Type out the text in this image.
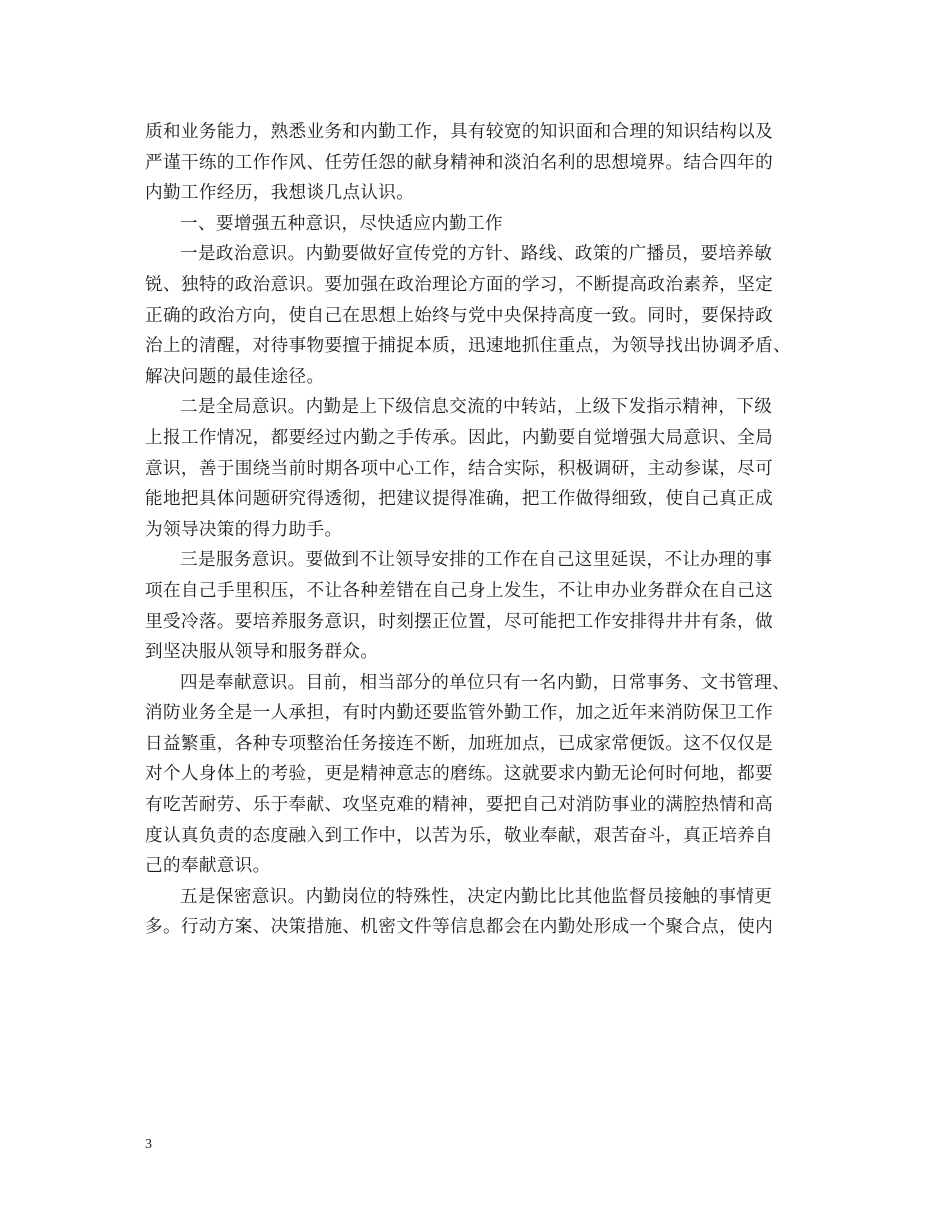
质和业务能力，熟悉业务和内勤工作，具有较宽的知识面和合理的知识结构以及
严谨干练的工作作风、任劳任怨的献身精神和淡泊名利的思想境界。结合四年的
内勤工作经历，我想谈几点认识。
一、要增强五种意识，尽快适应内勤工作
一是政治意识。内勤要做好宣传党的方针、路线、政策的广播员，要培养敏
锐、独特的政治意识。要加强在政治理论方面的学习，不断提高政治素养，坚定
正确的政治方向，使自己在思想上始终与党中央保持高度一致。同时，要保持政
治上的清醒，对待事物要擅于捕捉本质，迅速地抓住重点，为领导找出协调矛盾、
解决问题的最佳途径。
二是全局意识。内勤是上下级信息交流的中转站，上级下发指示精神，下级
上报工作情况，都要经过内勤之手传承。因此，内勤要自觉增强大局意识、全局
意识，善于围绕当前时期各项中心工作，结合实际，积极调研，主动参谋，尽可
能地把具体问题研究得透彻，把建议提得准确，把工作做得细致，使自己真正成
为领导决策的得力助手。
三是服务意识。要做到不让领导安排的工作在自己这里延误，不让办理的事
项在自己手里积压，不让各种差错在自己身上发生，不让申办业务群众在自己这
里受冷落。要培养服务意识，时刻摆正位置，尽可能把工作安排得井井有条，做
到坚决服从领导和服务群众。
四是奉献意识。目前，相当部分的单位只有一名内勤，日常事务、文书管理、
消防业务全是一人承担，有时内勤还要监管外勤工作，加之近年来消防保卫工作
日益繁重，各种专项整治任务接连不断，加班加点，已成家常便饭。这不仅仅是
对个人身体上的考验，更是精神意志的磨练。这就要求内勤无论何时何地，都要
有吃苦耐劳、乐于奉献、攻坚克难的精神，要把自己对消防事业的满腔热情和高
度认真负责的态度融入到工作中，以苦为乐，敬业奉献，艰苦奋斗，真正培养自
己的奉献意识。
五是保密意识。内勤岗位的特殊性，决定内勤比比其他监督员接触的事情更
多。行动方案、决策措施、机密文件等信息都会在内勤处形成一个聚合点，使内
3
